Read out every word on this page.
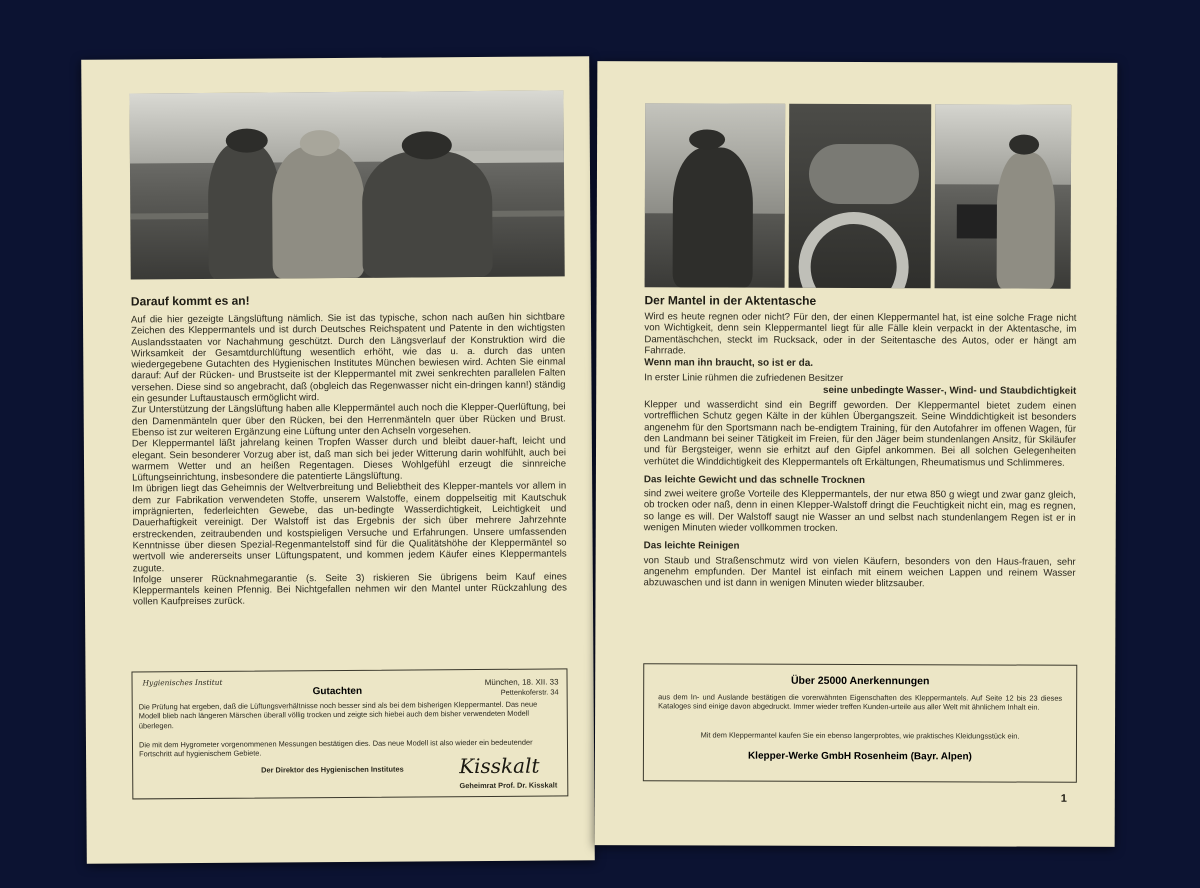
Darauf kommt es an!
Auf die hier gezeigte Längslüftung nämlich. Sie ist das typische, schon nach außen hin sichtbare Zeichen des Kleppermantels und ist durch Deutsches Reichspatent und Patente in den wichtigsten Auslandsstaaten vor Nachahmung geschützt. Durch den Längsverlauf der Konstruktion wird die Wirksamkeit der Gesamtdurchlüftung wesentlich erhöht, wie das u. a. durch das unten wiedergegebene Gutachten des Hygienischen Institutes München bewiesen wird. Achten Sie einmal darauf: Auf der Rücken- und Brustseite ist der Kleppermantel mit zwei senkrechten parallelen Falten versehen. Diese sind so angebracht, daß (obgleich das Regenwasser nicht ein-dringen kann!) ständig ein gesunder Luftaustausch ermöglicht wird.
Zur Unterstützung der Längslüftung haben alle Kleppermäntel auch noch die Klepper-Querlüftung, bei den Damenmänteln quer über den Rücken, bei den Herrenmänteln quer über Rücken und Brust. Ebenso ist zur weiteren Ergänzung eine Lüftung unter den Achseln vorgesehen.
Der Kleppermantel läßt jahrelang keinen Tropfen Wasser durch und bleibt dauer-haft, leicht und elegant. Sein besonderer Vorzug aber ist, daß man sich bei jeder Witterung darin wohlfühlt, auch bei warmem Wetter und an heißen Regentagen. Dieses Wohlgefühl erzeugt die sinnreiche Lüftungseinrichtung, insbesondere die patentierte Längslüftung.
Im übrigen liegt das Geheimnis der Weltverbreitung und Beliebtheit des Klepper-mantels vor allem in dem zur Fabrikation verwendeten Stoffe, unserem Walstoffe, einem doppelseitig mit Kautschuk imprägnierten, federleichten Gewebe, das un-bedingte Wasserdichtigkeit, Leichtigkeit und Dauerhaftigkeit vereinigt. Der Walstoff ist das Ergebnis der sich über mehrere Jahrzehnte erstreckenden, zeitraubenden und kostspieligen Versuche und Erfahrungen. Unsere umfassenden Kenntnisse über diesen Spezial-Regenmantelstoff sind für die Qualitätshöhe der Kleppermäntel so wertvoll wie andererseits unser Lüftungspatent, und kommen jedem Käufer eines Kleppermantels zugute.
Infolge unserer Rücknahmegarantie (s. Seite 3) riskieren Sie übrigens beim Kauf eines Kleppermantels keinen Pfennig. Bei Nichtgefallen nehmen wir den Mantel unter Rückzahlung des vollen Kaufpreises zurück.
Hygienisches Institut
Gutachten
München, 18. XII. 33
Pettenkoferstr. 34
Die Prüfung hat ergeben, daß die Lüftungsverhältnisse noch besser sind als bei dem bisherigen Kleppermantel. Das neue Modell blieb nach längeren Märschen überall völlig trocken und zeigte sich hiebei auch dem bisher verwendeten Modell überlegen.
Die mit dem Hygrometer vorgenommenen Messungen bestätigen dies. Das neue Modell ist also wieder ein bedeutender Fortschritt auf hygienischem Gebiete.
Der Direktor des Hygienischen Institutes	Kisskalt
Geheimrat Prof. Dr. Kisskalt
Der Mantel in der Aktentasche
Wird es heute regnen oder nicht? Für den, der einen Kleppermantel hat, ist eine solche Frage nicht von Wichtigkeit, denn sein Kleppermantel liegt für alle Fälle klein verpackt in der Aktentasche, im Damentäschchen, steckt im Rucksack, oder in der Seitentasche des Autos, oder er hängt am Fahrrade.
Wenn man ihn braucht, so ist er da.
In erster Linie rühmen die zufriedenen Besitzer
seine unbedingte Wasser-, Wind- und Staubdichtigkeit
Klepper und wasserdicht sind ein Begriff geworden. Der Kleppermantel bietet zudem einen vortrefflichen Schutz gegen Kälte in der kühlen Übergangszeit. Seine Winddichtigkeit ist besonders angenehm für den Sportsmann nach be-endigtem Training, für den Autofahrer im offenen Wagen, für den Landmann bei seiner Tätigkeit im Freien, für den Jäger beim stundenlangen Ansitz, für Skiläufer und für Bergsteiger, wenn sie erhitzt auf den Gipfel ankommen. Bei all solchen Gelegenheiten verhütet die Winddichtigkeit des Kleppermantels oft Erkältungen, Rheumatismus und Schlimmeres.
Das leichte Gewicht und das schnelle Trocknen
sind zwei weitere große Vorteile des Kleppermantels, der nur etwa 850 g wiegt und zwar ganz gleich, ob trocken oder naß, denn in einen Klepper-Walstoff dringt die Feuchtigkeit nicht ein, mag es regnen, so lange es will. Der Walstoff saugt nie Wasser an und selbst nach stundenlangem Regen ist er in wenigen Minuten wieder vollkommen trocken.
Das leichte Reinigen
von Staub und Straßenschmutz wird von vielen Käufern, besonders von den Haus-frauen, sehr angenehm empfunden. Der Mantel ist einfach mit einem weichen Lappen und reinem Wasser abzuwaschen und ist dann in wenigen Minuten wieder blitzsauber.
Über 25000 Anerkennungen
aus dem In- und Auslande bestätigen die vorerwähnten Eigenschaften des Kleppermantels. Auf Seite 12 bis 23 dieses Kataloges sind einige davon abgedruckt. Immer wieder treffen Kunden-urteile aus aller Welt mit ähnlichem Inhalt ein.
Mit dem Kleppermantel kaufen Sie ein ebenso langerprobtes, wie praktisches Kleidungsstück ein.
Klepper-Werke GmbH Rosenheim (Bayr. Alpen)
1
